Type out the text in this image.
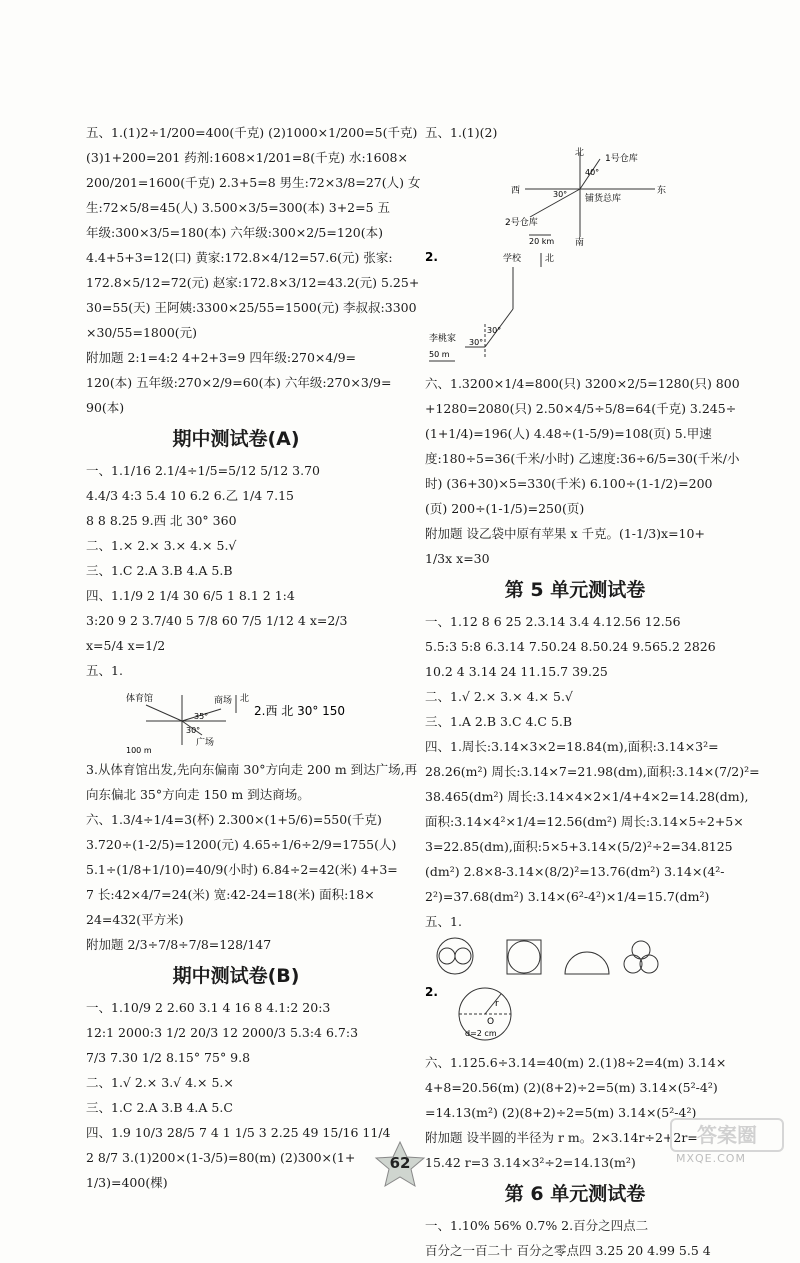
五、1.(1)2÷1/200=400(千克) (2)1000×1/200=5(千克)
(3)1+200=201 药剂:1608×1/201=8(千克) 水:1608×
200/201=1600(千克) 2.3+5=8 男生:72×3/8=27(人) 女
生:72×5/8=45(人) 3.500×3/5=300(本) 3+2=5 五
年级:300×3/5=180(本) 六年级:300×2/5=120(本)
4.4+5+3=12(口) 黄家:172.8×4/12=57.6(元) 张家:
172.8×5/12=72(元) 赵家:172.8×3/12=43.2(元) 5.25+
30=55(天) 王阿姨:3300×25/55=1500(元) 李叔叔:3300
×30/55=1800(元)
附加题 2:1=4:2 4+2+3=9 四年级:270×4/9=
120(本) 五年级:270×2/9=60(本) 六年级:270×3/9=
90(本)
期中测试卷(A)
一、1.1/16 2.1/4÷1/5=5/12 5/12 3.70
4.4/3 4:3 5.4 10 6.2 6.乙 1/4 7.15
8 8 8.25 9.西 北 30° 360
二、1.× 2.× 3.× 4.× 5.√
三、1.C 2.A 3.B 4.A 5.B
四、1.1/9 2 1/4 30 6/5 1 8.1 2 1:4
3:20 9 2 3.7/40 5 7/8 60 7/5 1/12 4 x=2/3
x=5/4 x=1/2
五、1.
体育馆	商场
广场
北
30°
35°
100 m
2.西 北 30° 150
3.从体育馆出发,先向东偏南 30°方向走 200 m 到达广场,再
向东偏北 35°方向走 150 m 到达商场。
六、1.3/4÷1/4=3(杯) 2.300×(1+5/6)=550(千克)
3.720÷(1-2/5)=1200(元) 4.65÷1/6÷2/9=1755(人)
5.1÷(1/8+1/10)=40/9(小时) 6.84÷2=42(米) 4+3=
7 长:42×4/7=24(米) 宽:42-24=18(米) 面积:18×
24=432(平方米)
附加题 2/3÷7/8÷7/8=128/147
期中测试卷(B)
一、1.10/9 2 2.60 3.1 4 16 8 4.1:2 20:3
12:1 2000:3 1/2 20/3 12 2000/3 5.3:4 6.7:3
7/3 7.30 1/2 8.15° 75° 9.8
二、1.√ 2.× 3.√ 4.× 5.×
三、1.C 2.A 3.B 4.A 5.C
四、1.9 10/3 28/5 7 4 1 1/5 3 2.25 49 15/16 11/4
2 8/7 3.(1)200×(1-3/5)=80(m) (2)300×(1+
1/3)=400(棵)
五、1.(1)(2)
北
南
东
西
1号仓库
2号仓库
铺货总库
40°
30°
20 km
2.	学校	北
李桃家
30°
30°
50 m
六、1.3200×1/4=800(只) 3200×2/5=1280(只) 800
+1280=2080(只) 2.50×4/5÷5/8=64(千克) 3.245÷
(1+1/4)=196(人) 4.48÷(1-5/9)=108(页) 5.甲速
度:180÷5=36(千米/小时) 乙速度:36÷6/5=30(千米/小
时) (36+30)×5=330(千米) 6.100÷(1-1/2)=200
(页) 200÷(1-1/5)=250(页)
附加题 设乙袋中原有苹果 x 千克。(1-1/3)x=10+
1/3x x=30
第 5 单元测试卷
一、1.12 8 6 25 2.3.14 3.4 4.12.56 12.56
5.5:3 5:8 6.3.14 7.50.24 8.50.24 9.565.2 2826
10.2 4 3.14 24 11.15.7 39.25
二、1.√ 2.× 3.× 4.× 5.√
三、1.A 2.B 3.C 4.C 5.B
四、1.周长:3.14×3×2=18.84(m),面积:3.14×3²=
28.26(m²) 周长:3.14×7=21.98(dm),面积:3.14×(7/2)²=
38.465(dm²) 周长:3.14×4×2×1/4+4×2=14.28(dm),
面积:3.14×4²×1/4=12.56(dm²) 周长:3.14×5÷2+5×
3=22.85(dm),面积:5×5+3.14×(5/2)²÷2=34.8125
(dm²) 2.8×8-3.14×(8/2)²=13.76(dm²) 3.14×(4²-
2²)=37.68(dm²) 3.14×(6²-4²)×1/4=15.7(dm²)
五、1.
2.
r
O
d=2 cm
六、1.125.6÷3.14=40(m) 2.(1)8÷2=4(m) 3.14×
4+8=20.56(m) (2)(8+2)÷2=5(m) 3.14×(5²-4²)
=14.13(m²) (2)(8+2)÷2=5(m) 3.14×(5²-4²)
附加题 设半圆的半径为 r m。2×3.14r÷2+2r=
15.42 r=3 3.14×3²÷2=14.13(m²)
第 6 单元测试卷
一、1.10% 56% 0.7% 2.百分之四点二
百分之一百二十 百分之零点四 3.25 20 4.99 5.5 4
62
答案圈
MXQE.COM
